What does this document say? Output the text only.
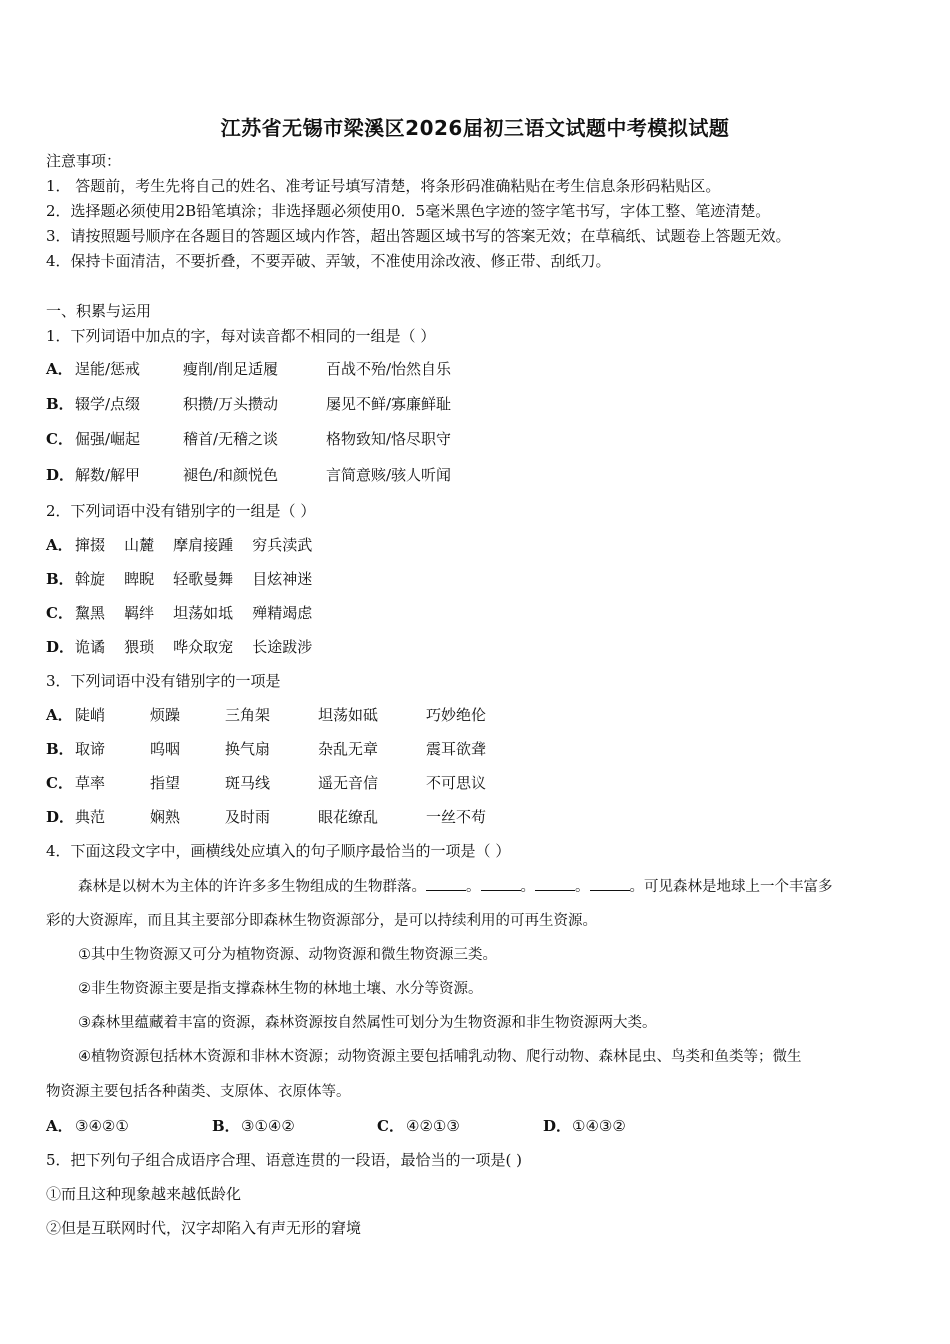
江苏省无锡市梁溪区2026届初三语文试题中考模拟试题
注意事项：
1． 答题前，考生先将自己的姓名、准考证号填写清楚，将条形码准确粘贴在考生信息条形码粘贴区。
2．选择题必须使用2B铅笔填涂；非选择题必须使用0．5毫米黑色字迹的签字笔书写，字体工整、笔迹清楚。
3．请按照题号顺序在各题目的答题区域内作答，超出答题区域书写的答案无效；在草稿纸、试题卷上答题无效。
4．保持卡面清洁，不要折叠，不要弄破、弄皱，不准使用涂改液、修正带、刮纸刀。
一、积累与运用
1．下列词语中加点的字，每对读音都不相同的一组是（ ）
A． 逞能/惩戒	瘦削/削足适履	百战不殆/怡然自乐
B． 辍学/点缀	积攒/万头攒动	屡见不鲜/寡廉鲜耻
C． 倔强/崛起	稽首/无稽之谈	格物致知/恪尽职守
D． 解数/解甲	褪色/和颜悦色	言简意赅/骇人听闻
2．下列词语中没有错别字的一组是（ ）
A． 撺掇    山麓    摩肩接踵    穷兵渎武
B． 斡旋    睥睨    轻歌曼舞    目炫神迷
C． 黧黑    羁绊    坦荡如坻    殚精竭虑
D． 诡谲    猥琐    哗众取宠    长途跋涉
3．下列词语中没有错别字的一项是
A． 陡峭	烦躁	三角架	坦荡如砥	巧妙绝伦
B． 取谛	呜咽	换气扇	杂乱无章	震耳欲聋
C． 草率	指望	斑马线	遥无音信	不可思议
D． 典范	娴熟	及时雨	眼花缭乱	一丝不苟
4．下面这段文字中，画横线处应填入的句子顺序最恰当的一项是（ ）
森林是以树木为主体的许许多多生物组成的生物群落。	。	。	。	。可见森林是地球上一个丰富多
彩的大资源库，而且其主要部分即森林生物资源部分，是可以持续利用的可再生资源。
①其中生物资源又可分为植物资源、动物资源和微生物资源三类。
②非生物资源主要是指支撑森林生物的林地土壤、水分等资源。
③森林里蕴藏着丰富的资源，森林资源按自然属性可划分为生物资源和非生物资源两大类。
④植物资源包括林木资源和非林木资源；动物资源主要包括哺乳动物、爬行动物、森林昆虫、鸟类和鱼类等；微生
物资源主要包括各种菌类、支原体、衣原体等。
A． ③④②①	B． ③①④②	C． ④②①③	D． ①④③②
5．把下列句子组合成语序合理、语意连贯的一段语，最恰当的一项是( )
①而且这种现象越来越低龄化
②但是互联网时代，汉字却陷入有声无形的窘境
